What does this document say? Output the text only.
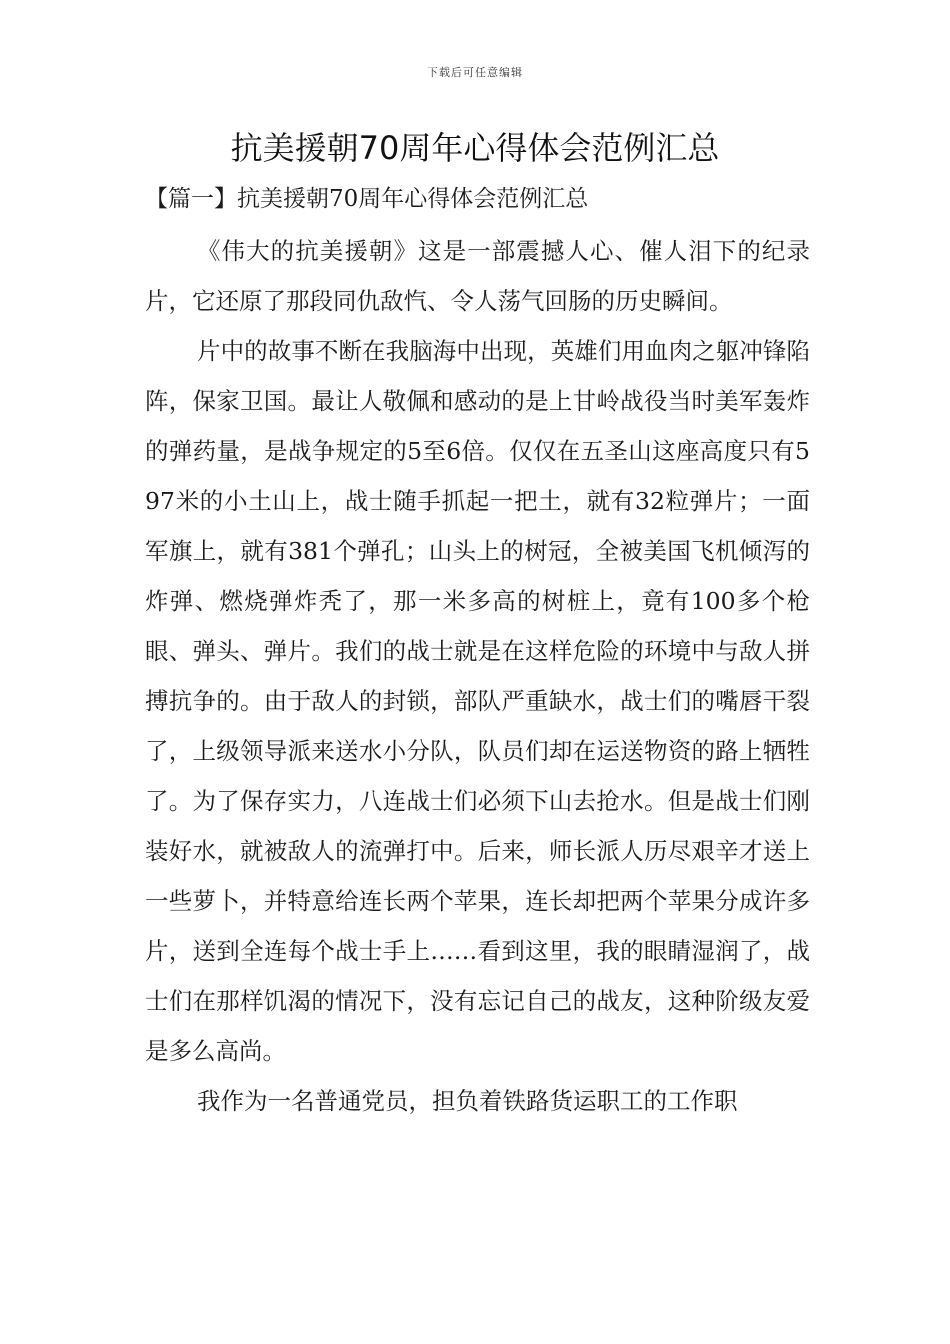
下载后可任意编辑
抗美援朝70周年心得体会范例汇总
【篇一】抗美援朝70周年心得体会范例汇总

《伟大的抗美援朝》这是一部震撼人心、催人泪下的纪录片，它还原了那段同仇敌忾、令人荡气回肠的历史瞬间。

片中的故事不断在我脑海中出现，英雄们用血肉之躯冲锋陷阵，保家卫国。最让人敬佩和感动的是上甘岭战役当时美军轰炸的弹药量，是战争规定的5至6倍。仅仅在五圣山这座高度只有597米的小土山上，战士随手抓起一把土，就有32粒弹片；一面军旗上，就有381个弹孔；山头上的树冠，全被美国飞机倾泻的炸弹、燃烧弹炸秃了，那一米多高的树桩上，竟有100多个枪眼、弹头、弹片。我们的战士就是在这样危险的环境中与敌人拼搏抗争的。由于敌人的封锁，部队严重缺水，战士们的嘴唇干裂了，上级领导派来送水小分队，队员们却在运送物资的路上牺牲了。为了保存实力，八连战士们必须下山去抢水。但是战士们刚装好水，就被敌人的流弹打中。后来，师长派人历尽艰辛才送上一些萝卜，并特意给连长两个苹果，连长却把两个苹果分成许多片，送到全连每个战士手上……看到这里，我的眼睛湿润了，战士们在那样饥渴的情况下，没有忘记自己的战友，这种阶级友爱是多么高尚。

我作为一名普通党员，担负着铁路货运职工的工作职
